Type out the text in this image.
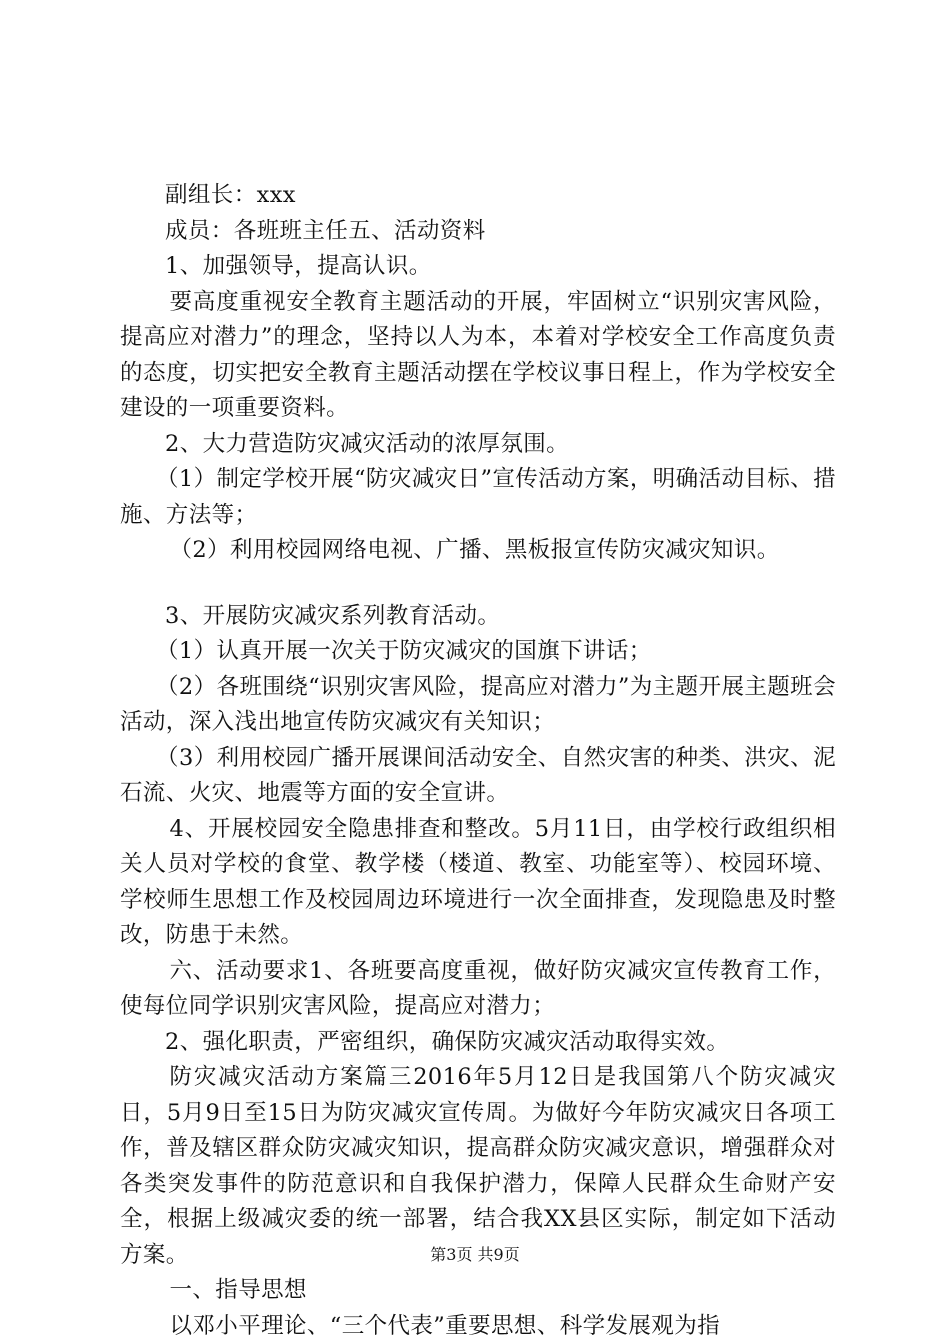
副组长：xxx

成员：各班班主任五、活动资料

1、加强领导，提高认识。

要高度重视安全教育主题活动的开展，牢固树立“识别灾害风险，提高应对潜力”的理念，坚持以人为本，本着对学校安全工作高度负责的态度，切实把安全教育主题活动摆在学校议事日程上，作为学校安全建设的一项重要资料。

2、大力营造防灾减灾活动的浓厚氛围。

（1）制定学校开展“防灾减灾日”宣传活动方案，明确活动目标、措施、方法等；

（2）利用校园网络电视、广播、黑板报宣传防灾减灾知识。

3、开展防灾减灾系列教育活动。

（1）认真开展一次关于防灾减灾的国旗下讲话；

（2）各班围绕“识别灾害风险，提高应对潜力”为主题开展主题班会活动，深入浅出地宣传防灾减灾有关知识；

（3）利用校园广播开展课间活动安全、自然灾害的种类、洪灾、泥石流、火灾、地震等方面的安全宣讲。

4、开展校园安全隐患排查和整改。5月11日，由学校行政组织相关人员对学校的食堂、教学楼（楼道、教室、功能室等）、校园环境、学校师生思想工作及校园周边环境进行一次全面排查，发现隐患及时整改，防患于未然。

六、活动要求1、各班要高度重视，做好防灾减灾宣传教育工作，使每位同学识别灾害风险，提高应对潜力；

2、强化职责，严密组织，确保防灾减灾活动取得实效。

防灾减灾活动方案篇三2016年5月12日是我国第八个防灾减灾日，5月9日至15日为防灾减灾宣传周。为做好今年防灾减灾日各项工作，普及辖区群众防灾减灾知识，提高群众防灾减灾意识，增强群众对各类突发事件的防范意识和自我保护潜力，保障人民群众生命财产安全，根据上级减灾委的统一部署，结合我XX县区实际，制定如下活动方案。

一、指导思想

以邓小平理论、“三个代表”重要思想、科学发展观为指

第3页 共9页
